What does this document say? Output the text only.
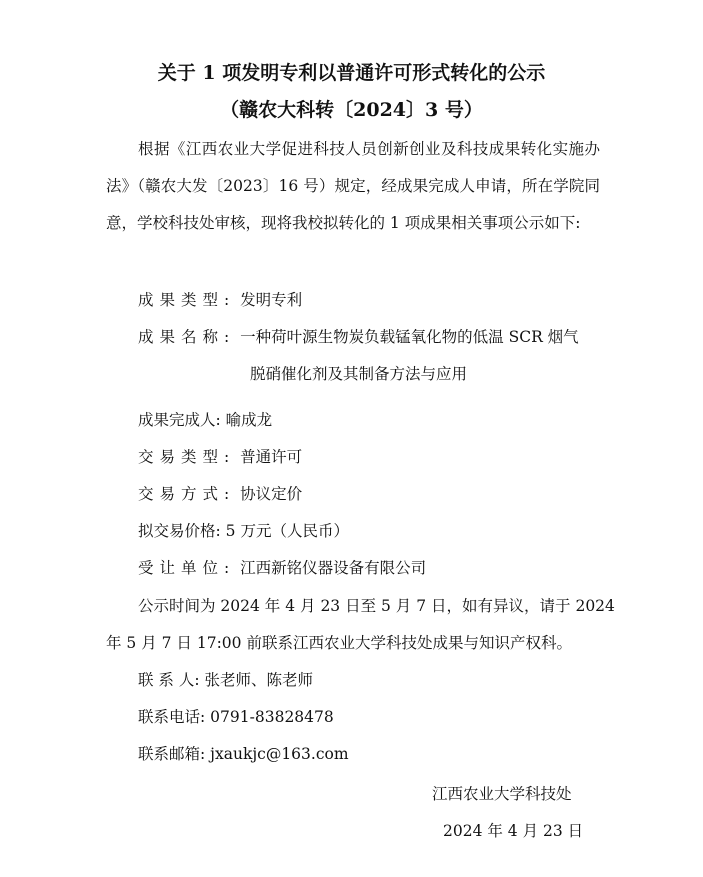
关于 1 项发明专利以普通许可形式转化的公示
（赣农大科转〔2024〕3 号）
根据《江西农业大学促进科技人员创新创业及科技成果转化实施办法》（赣农大发〔2023〕16 号）规定，经成果完成人申请，所在学院同意，学校科技处审核，现将我校拟转化的 1 项成果相关事项公示如下:
成果类型: 发明专利
成果名称: 一种荷叶源生物炭负载锰氧化物的低温 SCR 烟气
脱硝催化剂及其制备方法与应用
成果完成人: 喻成龙
交易类型: 普通许可
交易方式: 协议定价
拟交易价格: 5 万元（人民币）
受让单位: 江西新铭仪器设备有限公司
公示时间为 2024 年 4 月 23 日至 5 月 7 日，如有异议，请于 2024
年 5 月 7 日 17:00 前联系江西农业大学科技处成果与知识产权科。
联 系 人: 张老师、陈老师
联系电话: 0791-83828478
联系邮箱: jxaukjc@163.com
江西农业大学科技处
2024 年 4 月 23 日
